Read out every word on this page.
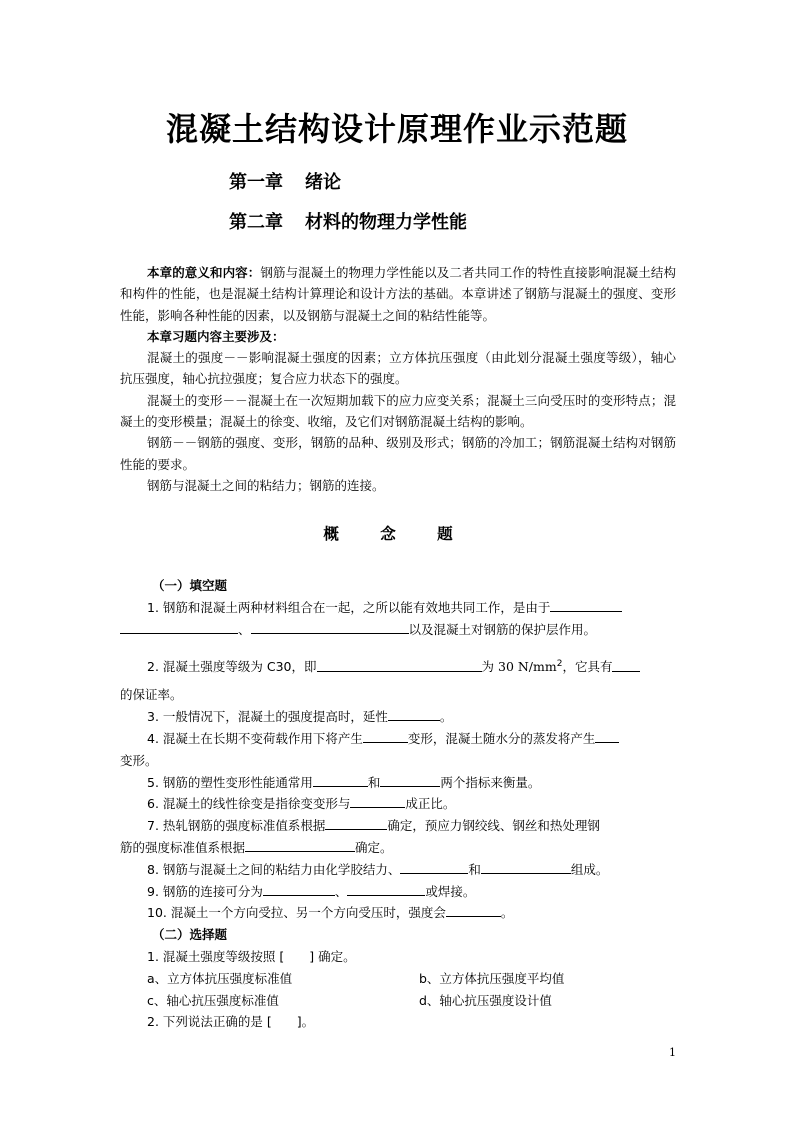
混凝土结构设计原理作业示范题
第一章 绪论
第二章 材料的物理力学性能
本章的意义和内容：钢筋与混凝土的物理力学性能以及二者共同工作的特性直接影响混凝土结构和构件的性能，也是混凝土结构计算理论和设计方法的基础。本章讲述了钢筋与混凝土的强度、变形性能，影响各种性能的因素，以及钢筋与混凝土之间的粘结性能等。
本章习题内容主要涉及：
混凝土的强度－－影响混凝土强度的因素；立方体抗压强度（由此划分混凝土强度等级），轴心抗压强度，轴心抗拉强度；复合应力状态下的强度。
混凝土的变形－－混凝土在一次短期加载下的应力应变关系；混凝土三向受压时的变形特点；混凝土的变形模量；混凝土的徐变、收缩，及它们对钢筋混凝土结构的影响。
钢筋－－钢筋的强度、变形，钢筋的品种、级别及形式；钢筋的冷加工；钢筋混凝土结构对钢筋性能的要求。
钢筋与混凝土之间的粘结力；钢筋的连接。
概 念 题
（一）填空题
1. 钢筋和混凝土两种材料组合在一起，之所以能有效地共同工作，是由于
、	以及混凝土对钢筋的保护层作用。
2. 混凝土强度等级为 C30，即	为 30 $N/mm^2$，它具有
的保证率。
3. 一般情况下，混凝土的强度提高时，延性	。
4. 混凝土在长期不变荷载作用下将产生	变形，混凝土随水分的蒸发将产生
变形。
5. 钢筋的塑性变形性能通常用	和	两个指标来衡量。
6. 混凝土的线性徐变是指徐变变形与	成正比。
7. 热轧钢筋的强度标准值系根据	确定，预应力钢绞线、钢丝和热处理钢
筋的强度标准值系根据	确定。
8. 钢筋与混凝土之间的粘结力由化学胶结力、	和	组成。
9. 钢筋的连接可分为	、	或焊接。
10. 混凝土一个方向受拉、另一个方向受压时，强度会	。
（二）选择题
1. 混凝土强度等级按照 [　　] 确定。
a、立方体抗压强度标准值	b、立方体抗压强度平均值
c、轴心抗压强度标准值	d、轴心抗压强度设计值
2. 下列说法正确的是 [　　]。
1
